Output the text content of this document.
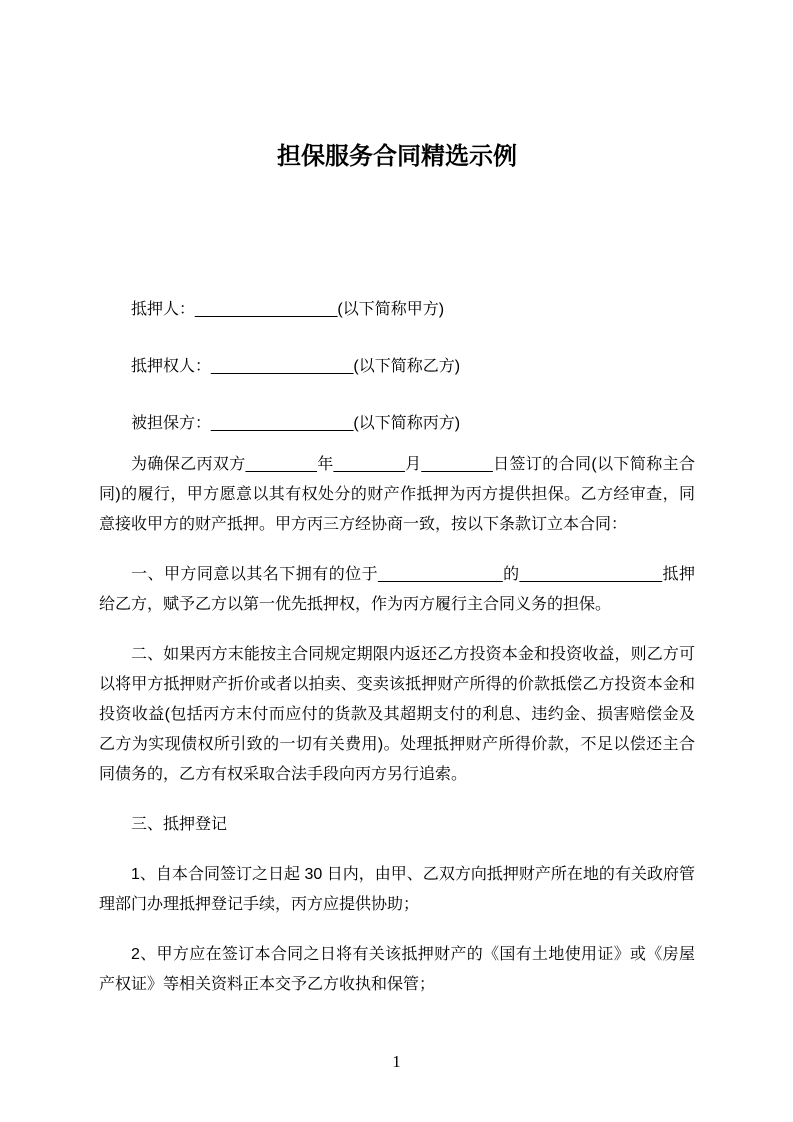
担保服务合同精选示例
抵押人：________________(以下简称甲方)
抵押权人：________________(以下简称乙方)
被担保方：________________(以下简称丙方)

为确保乙丙双方________年________月________日签订的合同(以下简称主合同)的履行，甲方愿意以其有权处分的财产作抵押为丙方提供担保。乙方经审查，同意接收甲方的财产抵押。甲方丙三方经协商一致，按以下条款订立本合同：

一、甲方同意以其名下拥有的位于______________的________________抵押给乙方，赋予乙方以第一优先抵押权，作为丙方履行主合同义务的担保。

二、如果丙方末能按主合同规定期限内返还乙方投资本金和投资收益，则乙方可以将甲方抵押财产折价或者以拍卖、变卖该抵押财产所得的价款抵偿乙方投资本金和投资收益(包括丙方末付而应付的货款及其超期支付的利息、违约金、损害赔偿金及乙方为实现债权所引致的一切有关费用)。处理抵押财产所得价款，不足以偿还主合同债务的，乙方有权采取合法手段向丙方另行追索。

三、抵押登记

1、自本合同签订之日起 30 日内，由甲、乙双方向抵押财产所在地的有关政府管理部门办理抵押登记手续，丙方应提供协助；

2、甲方应在签订本合同之日将有关该抵押财产的《国有土地使用证》或《房屋产权证》等相关资料正本交予乙方收执和保管；

1
